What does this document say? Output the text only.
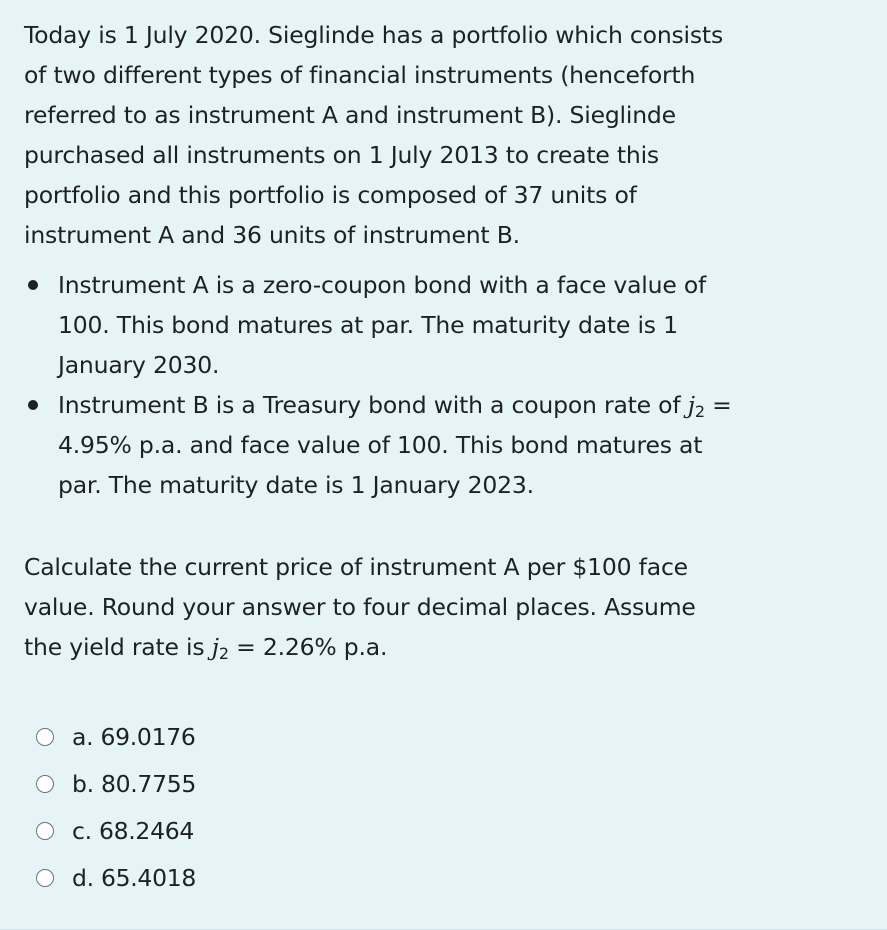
Today is 1 July 2020. Sieglinde has a portfolio which consists of two different types of financial instruments (henceforth referred to as instrument A and instrument B). Sieglinde purchased all instruments on 1 July 2013 to create this portfolio and this portfolio is composed of 37 units of instrument A and 36 units of instrument B.

Instrument A is a zero-coupon bond with a face value of 100. This bond matures at par. The maturity date is 1 January 2030.
Instrument B is a Treasury bond with a coupon rate of $j_2 = 4.95\%$ p.a. and face value of 100. This bond matures at par. The maturity date is 1 January 2023.

Calculate the current price of instrument A per $100 face value. Round your answer to four decimal places. Assume the yield rate is $j_2 = 2.26\%$ p.a.

a. 69.0176
b. 80.7755
c. 68.2464
d. 65.4018
